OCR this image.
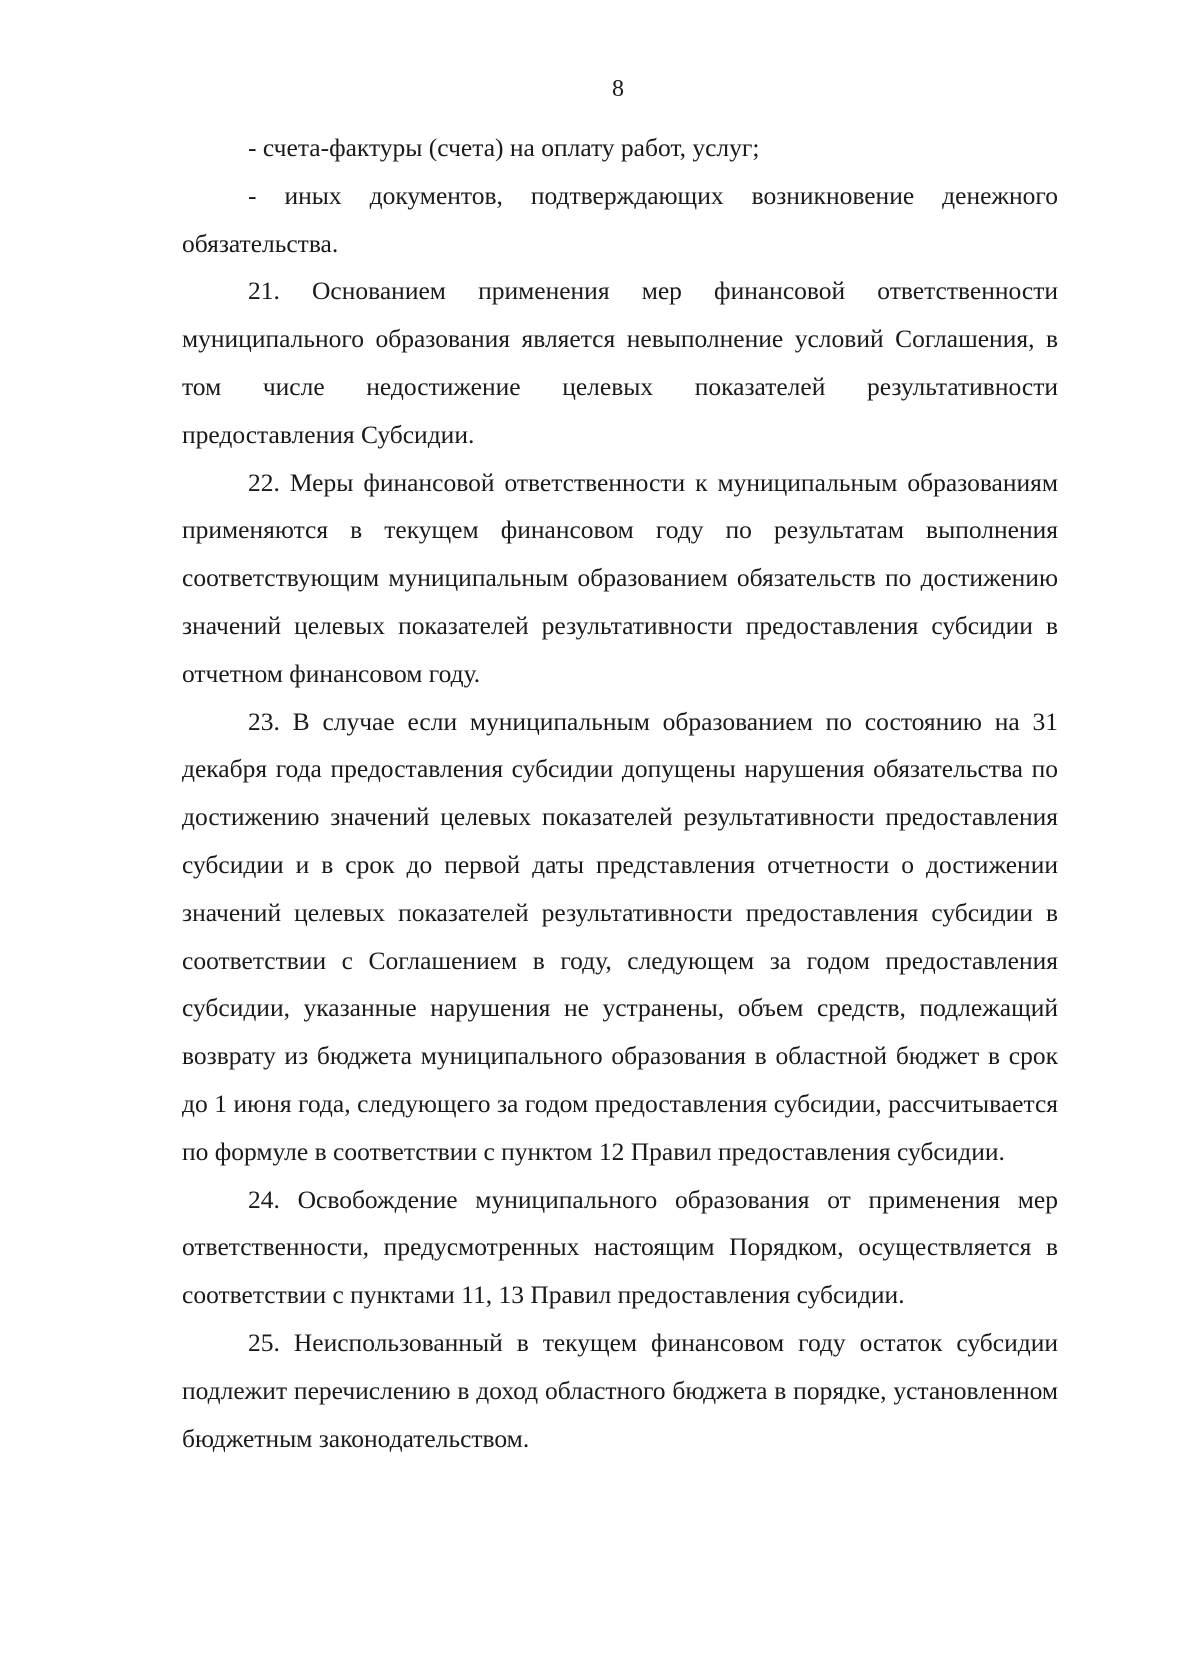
8

- счета-фактуры (счета) на оплату работ, услуг;

- иных документов, подтверждающих возникновение денежного обязательства.

21. Основанием применения мер финансовой ответственности муниципального образования является невыполнение условий Соглашения, в том числе недостижение целевых показателей результативности предоставления Субсидии.

22. Меры финансовой ответственности к муниципальным образованиям применяются в текущем финансовом году по результатам выполнения соответствующим муниципальным образованием обязательств по достижению значений целевых показателей результативности предоставления субсидии в отчетном финансовом году.

23. В случае если муниципальным образованием по состоянию на 31 декабря года предоставления субсидии допущены нарушения обязательства по достижению значений целевых показателей результативности предоставления субсидии и в срок до первой даты представления отчетности о достижении значений целевых показателей результативности предоставления субсидии в соответствии с Соглашением в году, следующем за годом предоставления субсидии, указанные нарушения не устранены, объем средств, подлежащий возврату из бюджета муниципального образования в областной бюджет в срок до 1 июня года, следующего за годом предоставления субсидии, рассчитывается по формуле в соответствии с пунктом 12 Правил предоставления субсидии.

24. Освобождение муниципального образования от применения мер ответственности, предусмотренных настоящим Порядком, осуществляется в соответствии с пунктами 11, 13 Правил предоставления субсидии.

25. Неиспользованный в текущем финансовом году остаток субсидии подлежит перечислению в доход областного бюджета в порядке, установленном бюджетным законодательством.
